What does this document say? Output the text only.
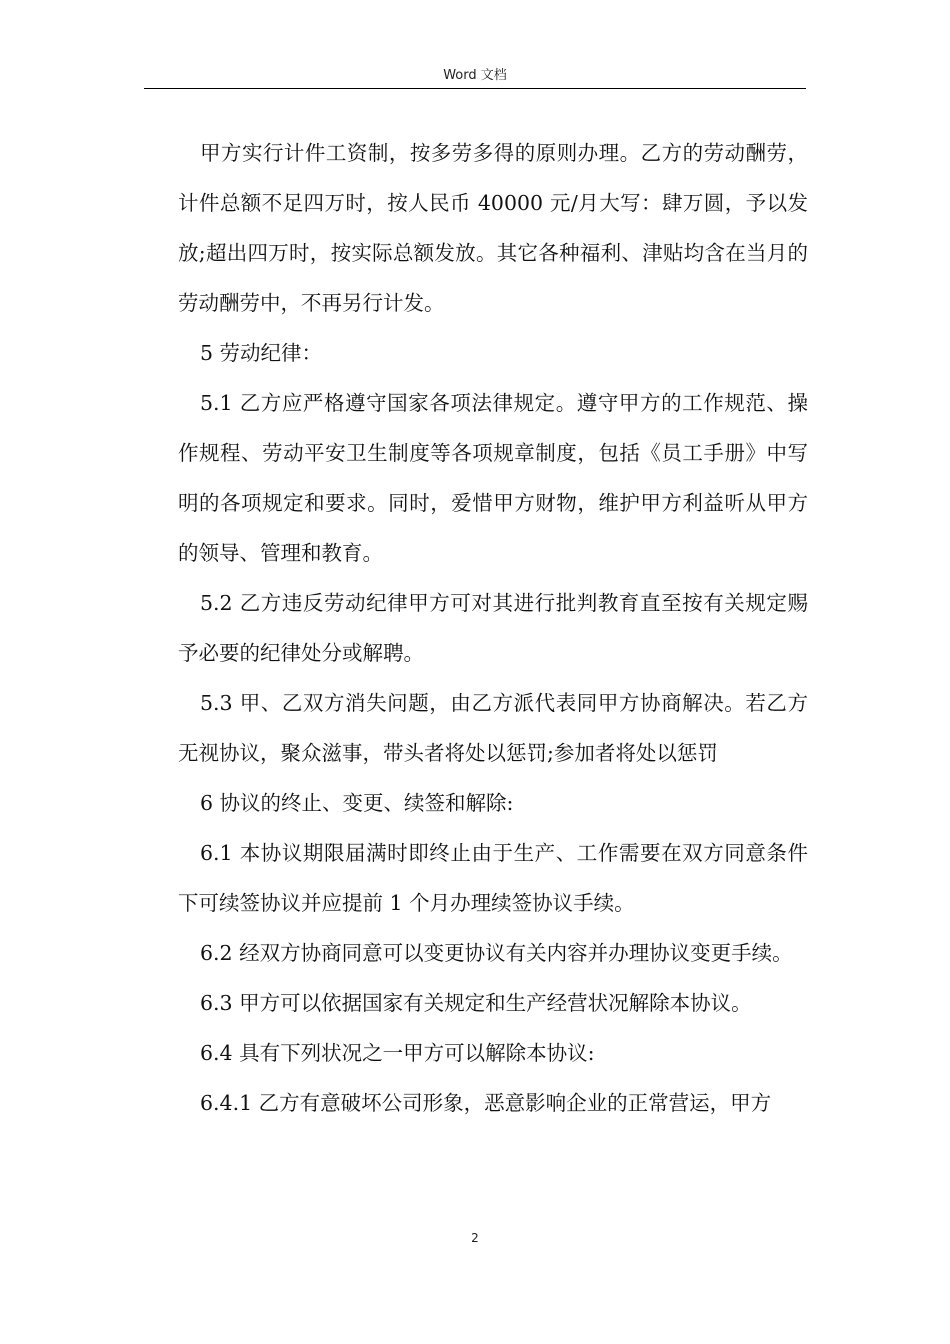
Word 文档

甲方实行计件工资制，按多劳多得的原则办理。乙方的劳动酬劳，计件总额不足四万时，按人民币 40000 元/月大写：肆万圆，予以发放;超出四万时，按实际总额发放。其它各种福利、津贴均含在当月的劳动酬劳中，不再另行计发。

5 劳动纪律：

5.1 乙方应严格遵守国家各项法律规定。遵守甲方的工作规范、操作规程、劳动平安卫生制度等各项规章制度，包括《员工手册》中写明的各项规定和要求。同时，爱惜甲方财物，维护甲方利益听从甲方的领导、管理和教育。

5.2 乙方违反劳动纪律甲方可对其进行批判教育直至按有关规定赐予必要的纪律处分或解聘。

5.3 甲、乙双方消失问题，由乙方派代表同甲方协商解决。若乙方无视协议，聚众滋事，带头者将处以惩罚;参加者将处以惩罚

6 协议的终止、变更、续签和解除:

6.1 本协议期限届满时即终止由于生产、工作需要在双方同意条件下可续签协议并应提前 1 个月办理续签协议手续。

6.2 经双方协商同意可以变更协议有关内容并办理协议变更手续。

6.3 甲方可以依据国家有关规定和生产经营状况解除本协议。

6.4 具有下列状况之一甲方可以解除本协议:

6.4.1 乙方有意破坏公司形象，恶意影响企业的正常营运，甲方

2
